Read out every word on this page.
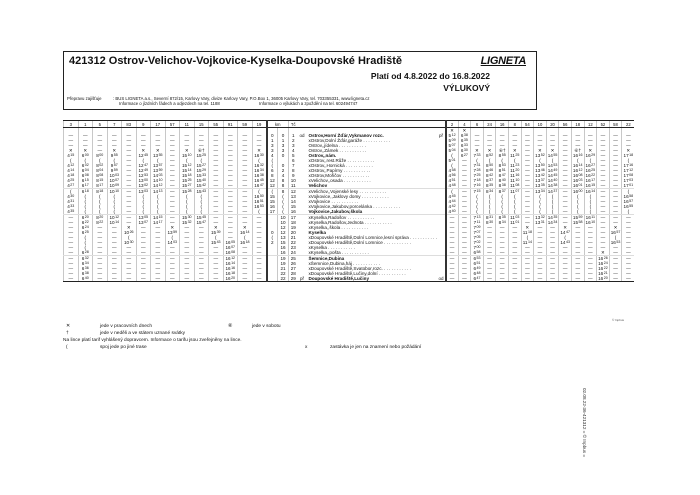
421312 Ostrov-Velichov-Vojkovice-Kyselka-Doupovské Hradiště
Platí od 4.8.2022 do 16.8.2022
VÝLUKOVÝ
LIGNETA
Přepravu zajišťuje	: BUS LIGNETA a.s., Severní 872/15, Karlovy Vary, divize Karlovy Vary, P.O.Box 1, 36005 Karlovy Vary, tel. 703355331, www.ligneta.cz
Informace o jízdních řádech a odjezdech na tel. 1188	Informace o výlukách a zpoždění na tel. 602494747
3	1	5	7	83	9	17	57	11	15	55	91	59	19	km		Tč				2	4	6	24	16	8	54	10	20	56	18	12	52	58	22
																				✕	✕													
—	—	—	—	—	—	—	—	—	—	—	—	—	—	0	0	1	od	Ostrov,Horní Žďár,Vykmanov rozc.	př	$5^{12}$	$6^{38}$	—	—	—	—	—	—	—	—	—	—	—	—	—
—	—	—	—	—	—	—	—	—	—	—	—	—	—	1	1	2		xOstrov,Dolní Žďár,garáže . . . . . . . . . . .		$5^{09}$	$6^{35}$	—	—	—	—	—	—	—	—	—	—	—	—	—
—	—	—	—	—	—	—	—	—	—	—	—	—	—	3	3	3		Ostrov,,jídelna . . . . . . . . . . .		$5^{07}$	$6^{33}$	—	—	—	—	—	—	—	—	—	—	—	—	—
✕	✕	—	✕	—	✕	✕	—	✕	⑥†	—	—	—	✕	3	3	4		Ostrov,,Zámek . . . . . . . . . . .		$5^{04}$	$6^{30}$	✕	✕	⑥†	✕	—	✕	✕	—	⑥†	✕	—	—	✕
$4^{15}$	$6^{00}$	$8^{00}$	$9^{55}$	—	$12^{45}$	$13^{55}$	—	$15^{10}$	$15^{25}$	—	—	—	$16^{30}$	4	0	5		Ostrov,,nám.		(	$6^{27}$	$7^{33}$	$8^{52}$	$8^{55}$	$11^{25}$	—	$13^{52}$	$14^{55}$	—	$16^{16}$	$16^{29}$	—	—	$17^{18}$
(	(	(	(	—	(	(	—	(	(	—	—	—	(	(		6		xOstrov,,rest.Růže . . . . . . . . . . .		$5^{01}$	—	(	(	(	(	—	(	(	—	(	(	—	—	(
$4^{12}$	$6^{02}$	$8^{02}$	$9^{57}$	—	$12^{47}$	$13^{57}$	—	$15^{12}$	$15^{27}$	—	—	—	$16^{32}$	(	0	7		xOstrov,,Hornická . . . . . . . . . . .		(	—	$7^{31}$	$8^{50}$	$8^{53}$	$11^{23}$	—	$13^{50}$	$14^{53}$	—	$16^{14}$	$16^{27}$	—	—	$17^{16}$
$4^{14}$	$6^{04}$	$8^{04}$	$9^{59}$	—	$12^{49}$	$13^{59}$	—	$15^{14}$	$15^{29}$	—	—	—	$16^{34}$	6	2	8		xOstrov,,Papírny . . . . . . . . . . .		$4^{58}$	—	$7^{28}$	$8^{46}$	$8^{51}$	$11^{20}$	—	$13^{46}$	$14^{49}$	—	$16^{12}$	$16^{25}$	—	—	$17^{12}$
$4^{18}$	$6^{08}$	$8^{08}$	$10^{03}$	—	$12^{53}$	$14^{03}$	—	$15^{18}$	$15^{33}$	—	—	—	$16^{38}$	8	4	9		xOstrov,Mořičov . . . . . . . . . . .		$4^{56}$	—	$7^{25}$	$8^{42}$	$8^{47}$	$11^{16}$	—	$13^{42}$	$14^{45}$	—	$16^{08}$	$16^{22}$	—	—	$17^{08}$
$4^{25}$	$6^{15}$	$8^{15}$	$10^{07}$	—	$13^{00}$	$14^{10}$	—	$15^{25}$	$15^{40}$	—	—	—	$16^{45}$	12	8	10		xVelichov,,osada . . . . . . . . . . .		$4^{51}$	—	$7^{18}$	$8^{37}$	$8^{40}$	$11^{10}$	—	$13^{37}$	$14^{40}$	—	$16^{03}$	$16^{17}$	—	—	$17^{03}$
$4^{27}$	$6^{17}$	$8^{17}$	$10^{09}$	—	$13^{02}$	$14^{12}$	—	$15^{27}$	$15^{42}$	—	—	—	$16^{47}$	12	8	11		Velichov		$4^{48}$	—	$7^{16}$	$8^{35}$	$8^{38}$	$11^{08}$	—	$13^{35}$	$14^{38}$	—	$16^{01}$	$16^{15}$	—	—	$17^{01}$
(	$6^{18}$	$8^{18}$	$10^{10}$	—	$13^{03}$	$14^{13}$	—	$15^{28}$	$15^{43}$	—	—	—	(	(	8	12		xVelichov,,Vojenské lesy . . . . . . . . . . .		(	—	$7^{15}$	$8^{34}$	$8^{37}$	$11^{07}$	—	$13^{34}$	$14^{37}$	—	$16^{00}$	$16^{14}$	—	—	(
$4^{30}$	(	(	(	—	(	(	—	(	(	—	—	—	$16^{50}$	15	(	13		xVojkovice,,Jaklovy domy . . . . . . . . . . .		$4^{45}$	—	(	(	(	(	—	(	(	—	(	(	—	—	$16^{58}$
$4^{31}$	(	(	(	—	(	(	—	(	(	—	—	—	$16^{51}$	15	(	14		xVojkovice . . . . . . . . . . .		$4^{44}$	—	(	(	(	(	—	(	(	—	(	(	—	—	$16^{57}$
$4^{33}$	(	(	(	—	(	(	—	(	(	—	—	—	$16^{53}$	16	(	15		xVojkovice,Jakubov,porcelánka . . . . . . . . . . .		$4^{42}$	—	(	(	(	(	—	(	(	—	(	(	—	—	$16^{55}$
$4^{35}$	(	(	(	—	(	(	—	(	(	—	—	—	(	17	(	16		Vojkovice,Jakubov,škola		$4^{40}$	—	(	(	(	(	—	(	(	—	(	(	—	—	(
—	$6^{20}$	$8^{20}$	$10^{12}$	—	$13^{05}$	$14^{15}$	—	$15^{30}$	$15^{45}$	—	—	—	—		10	17		xKyselka,Radošov . . . . . . . . . . .		—	—	$7^{13}$	$8^{31}$	$8^{35}$	$11^{03}$	—	$13^{32}$	$14^{35}$	—	$15^{59}$	$16^{11}$	—	—	—
—	$6^{22}$	$8^{22}$	$10^{14}$	—	$13^{07}$	$14^{17}$	—	$15^{32}$	$15^{47}$	—	—	—	—		10	18		xKyselka,Radošov,Jednota . . . . . . . . . . .		—	—	$7^{11}$	$8^{30}$	$8^{34}$	$11^{01}$	—	$13^{31}$	$14^{34}$	—	$15^{58}$	$16^{10}$	—	—	—
—	$6^{24}$	—	—	✕	—	—	✕	—	—	✕	—	✕	—		12	19		xKyselka,,škola . . . . . . . . . . .		—	—	$7^{09}$	—	—	—	✕	—	—	✕	—	—	—	✕	—
—	$6^{25}$	—	—	$10^{26}$	—	—	$13^{59}$	—	—	$15^{39}$	—	$16^{14}$	—	0	12	20		Kyselka		—	—	$7^{07}$	—	—	—	$11^{18}$	—	—	$14^{47}$	—	—	—	$16^{57}$	—
—	(	—	—	(	—	—	(	—	—	(	—	(	—	(	13	21		xDoupovské Hradiště,Dolní Lomnice,lesní správa . . . . . . . . . . .		—	—	$7^{05}$	—	—	—	(	—	—	(	—	—	—	(	—
—	(	—	—	$10^{30}$	—	—	$14^{03}$	—	—	$15^{43}$	$16^{05}$	$16^{18}$	—	2	15	22		xDoupovské Hradiště,Dolní Lomnice . . . . . . . . . . .		—	—	$7^{02}$	—	—	—	$11^{14}$	—	—	$14^{43}$	—	—	—	$16^{53}$	—
—	(	—	—	—	—	—	—	—	—	—	$16^{07}$	—	—		16	23		xKyselka . . . . . . . . . . .		—	—	$7^{00}$	—	—	—	—	—	—	—	—	—	—	—	—
—	$6^{28}$	—	—	—	—	—	—	—	—	—	$16^{08}$	—	—		16	24		xKyselka,,pošta . . . . . . . . . . .		—	—	$6^{58}$	—	—	—	—	—	—	—	—	—	✕	—	—
—	$6^{32}$	—	—	—	—	—	—	—	—	—	$16^{12}$	—	—		19	25		Šemnice,Dubina		—	—	$6^{53}$	—	—	—	—	—	—	—	—	—	$16^{26}$	—	—
—	$6^{34}$	—	—	—	—	—	—	—	—	—	$16^{14}$	—	—		19	26		xŠemnice,Dubina,háj . . . . . . . . . . .		—	—	$6^{51}$	—	—	—	—	—	—	—	—	—	$16^{24}$	—	—
—	$6^{36}$	—	—	—	—	—	—	—	—	—	$16^{16}$	—	—		21	27		xDoupovské Hradiště,Svatobor,rozc. . . . . . . . . . . .		—	—	$6^{49}$	—	—	—	—	—	—	—	—	—	$16^{22}$	—	—
—	$6^{38}$	—	—	—	—	—	—	—	—	—	$16^{18}$	—	—		22	28		xDoupovské Hradiště,Lučiny,dolní . . . . . . . . . . .		—	—	$6^{48}$	—	—	—	—	—	—	—	—	—	$16^{21}$	—	—
—	$6^{40}$	—	—	—	—	—	—	—	—	—	$16^{20}$	—	—		22	29	př	Doupovské Hradiště,Lučiny	od	—	—	$6^{47}$	—	—	—	—	—	—	—	—	—	$16^{20}$	—	—
© Inpbus
✕	jede v pracovních dnech	⑥	jede v sobotu
†	jede v neděli a ve státem uznané svátky
Na lince platí tarif vyhlášený dopravcem. Informace o tarifu jsou zveřejněny na lince.
(	spoj jede po jiné trase	x	zastávka je jen na znamení nebo požádání
02.08.22-36-421312 = © Inpbus =
